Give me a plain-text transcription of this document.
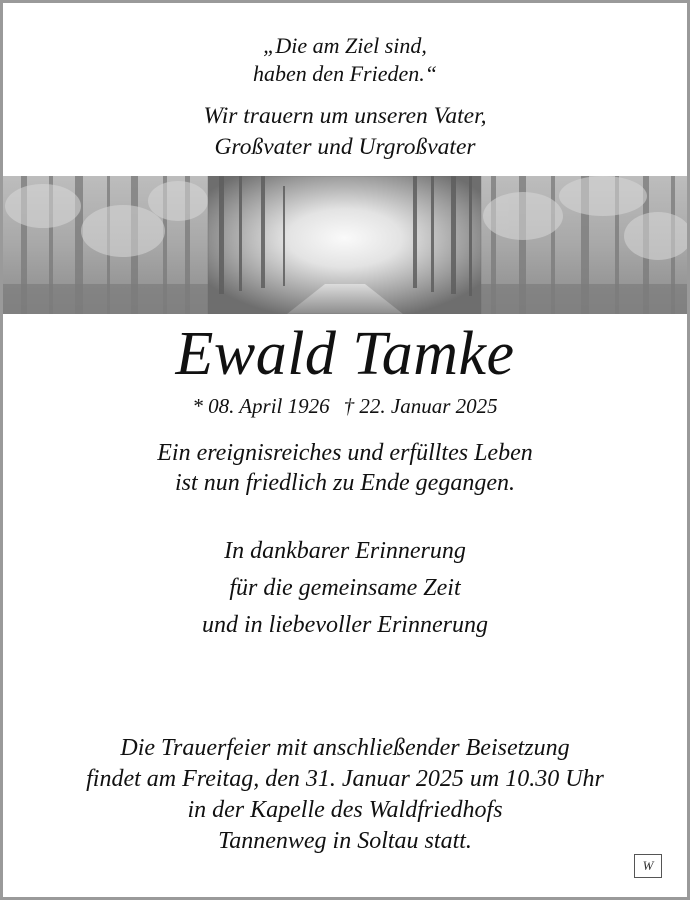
„Die am Ziel sind,
haben den Frieden.“
Wir trauern um unseren Vater,
Großvater und Urgroßvater
Ewald Tamke
* 08. April 1926 † 22. Januar 2025
Ein ereignisreiches und erfülltes Leben
ist nun friedlich zu Ende gegangen.
In dankbarer Erinnerung
für die gemeinsame Zeit
und in liebevoller Erinnerung
Die Trauerfeier mit anschließender Beisetzung
findet am Freitag, den 31. Januar 2025 um 10.30 Uhr
in der Kapelle des Waldfriedhofs
Tannenweg in Soltau statt.
W
